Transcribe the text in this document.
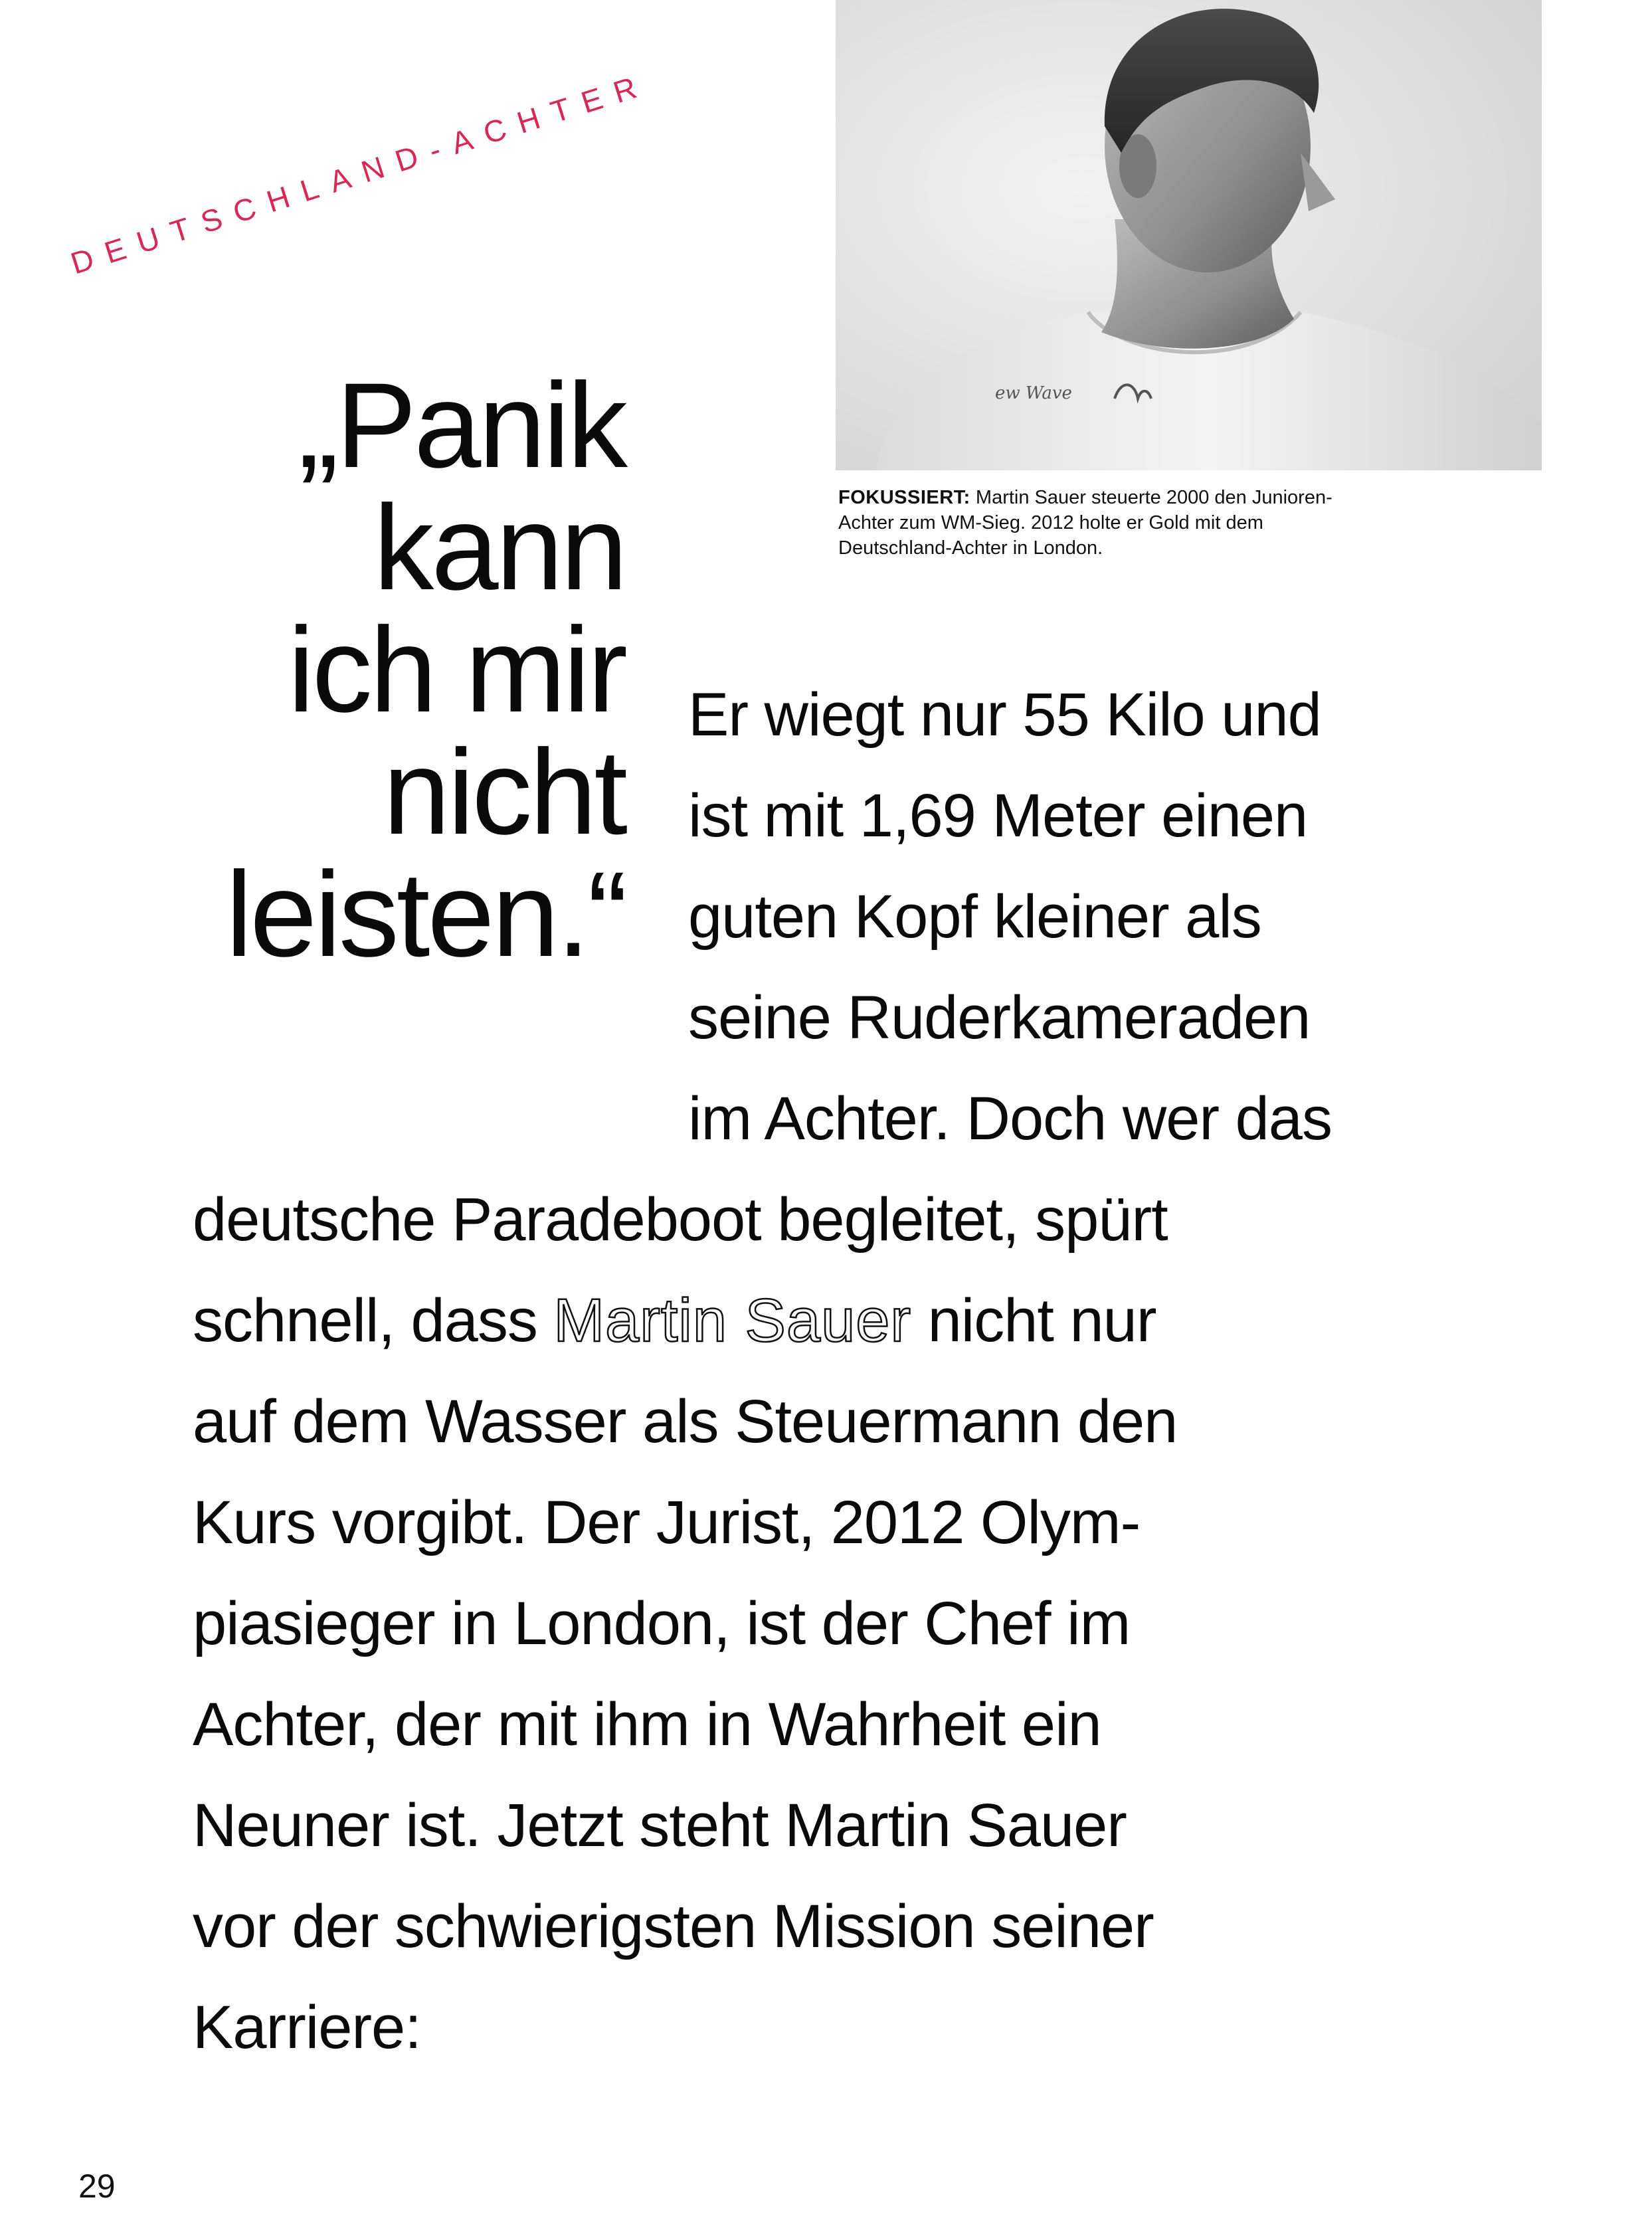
DEUTSCHLAND-ACHTER
ew Wave
FOKUSSIERT: Martin Sauer steuerte 2000 den Junioren-
Achter zum WM-Sieg. 2012 holte er Gold mit dem
Deutschland-Achter in London.
„Panik
kann
ich mir
nicht
leisten.“
Er wiegt nur 55 Kilo und
ist mit 1,69 Meter einen
guten Kopf kleiner als
seine Ruderkameraden
im Achter. Doch wer das
deutsche Paradeboot begleitet, spürt
schnell, dass Martin Sauer nicht nur
auf dem Wasser als Steuermann den
Kurs vorgibt. Der Jurist, 2012 Olym-
piasieger in London, ist der Chef im
Achter, der mit ihm in Wahrheit ein
Neuner ist. Jetzt steht Martin Sauer
vor der schwierigsten Mission seiner
Karriere:
29
